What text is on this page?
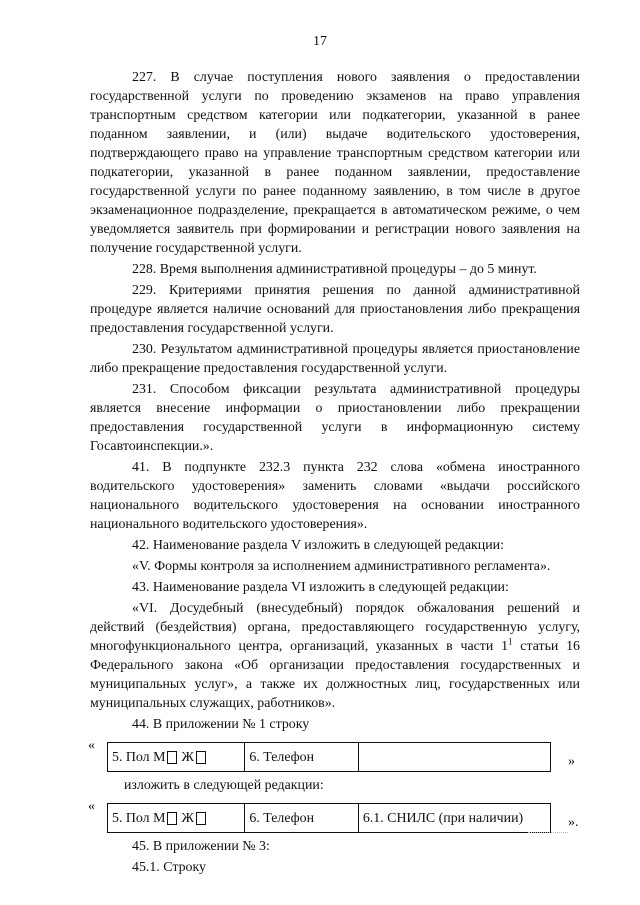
17

227. В случае поступления нового заявления о предоставлении государственной услуги по проведению экзаменов на право управления транспортным средством категории или подкатегории, указанной в ранее поданном заявлении, и (или) выдаче водительского удостоверения, подтверждающего право на управление транспортным средством категории или подкатегории, указанной в ранее поданном заявлении, предоставление государственной услуги по ранее поданному заявлению, в том числе в другое экзаменационное подразделение, прекращается в автоматическом режиме, о чем уведомляется заявитель при формировании и регистрации нового заявления на получение государственной услуги.

228. Время выполнения административной процедуры – до 5 минут.

229. Критериями принятия решения по данной административной процедуре является наличие оснований для приостановления либо прекращения предоставления государственной услуги.

230. Результатом административной процедуры является приостановление либо прекращение предоставления государственной услуги.

231. Способом фиксации результата административной процедуры является внесение информации о приостановлении либо прекращении предоставления государственной услуги в информационную систему Госавтоинспекции.».

41. В подпункте 232.3 пункта 232 слова «обмена иностранного водительского удостоверения» заменить словами «выдачи российского национального водительского удостоверения на основании иностранного национального водительского удостоверения».

42. Наименование раздела V изложить в следующей редакции:

«V. Формы контроля за исполнением административного регламента».

43. Наименование раздела VI изложить в следующей редакции:

«VI. Досудебный (внесудебный) порядок обжалования решений и действий (бездействия) органа, предоставляющего государственную услугу, многофункционального центра, организаций, указанных в части $1^1$ статьи 16 Федерального закона «Об организации предоставления государственных и муниципальных услуг», а также их должностных лиц, государственных или муниципальных служащих, работников».

44. В приложении № 1 строку

«
5. Пол
М Ж	6. Телефон	»

изложить в следующей редакции:

«
5. Пол
М Ж	6. Телефон	6.1. СНИЛС (при наличии)	».

45. В приложении № 3:

45.1. Строку
